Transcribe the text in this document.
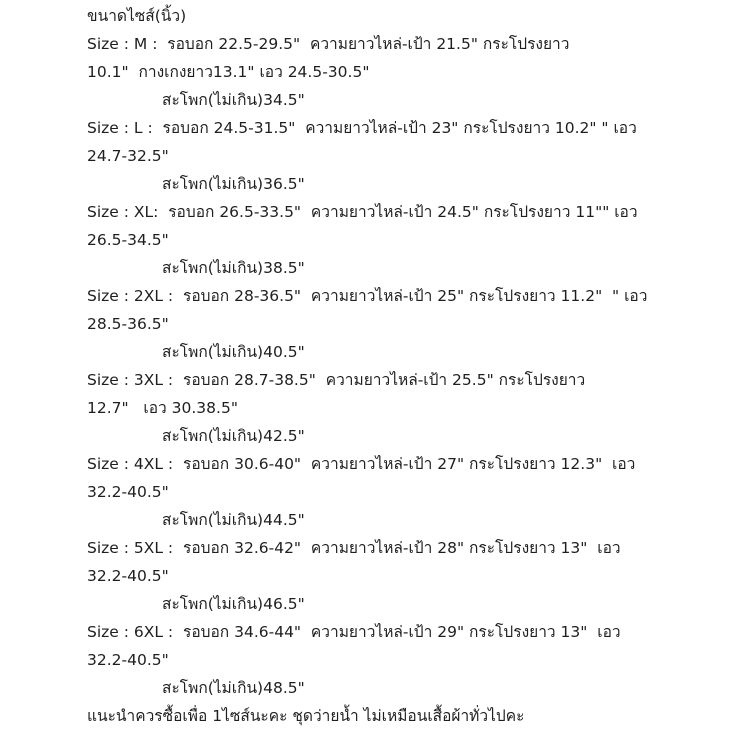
ขนาดไซส์(นิ้ว)
Size : M :  รอบอก 22.5-29.5"  ความยาวไหล่-เป้า 21.5" กระโปรงยาว
10.1"  กางเกงยาว13.1" เอว 24.5-30.5"
สะโพก(ไม่เกิน)34.5"
Size : L :  รอบอก 24.5-31.5"  ความยาวไหล่-เป้า 23" กระโปรงยาว 10.2" " เอว
24.7-32.5"
สะโพก(ไม่เกิน)36.5"
Size : XL:  รอบอก 26.5-33.5"  ความยาวไหล่-เป้า 24.5" กระโปรงยาว 11"" เอว
26.5-34.5"
สะโพก(ไม่เกิน)38.5"
Size : 2XL :  รอบอก 28-36.5"  ความยาวไหล่-เป้า 25" กระโปรงยาว 11.2"  " เอว
28.5-36.5"
สะโพก(ไม่เกิน)40.5"
Size : 3XL :  รอบอก 28.7-38.5"  ความยาวไหล่-เป้า 25.5" กระโปรงยาว
12.7"   เอว 30.38.5"
สะโพก(ไม่เกิน)42.5"
Size : 4XL :  รอบอก 30.6-40"  ความยาวไหล่-เป้า 27" กระโปรงยาว 12.3"  เอว
32.2-40.5"
สะโพก(ไม่เกิน)44.5"
Size : 5XL :  รอบอก 32.6-42"  ความยาวไหล่-เป้า 28" กระโปรงยาว 13"  เอว
32.2-40.5"
สะโพก(ไม่เกิน)46.5"
Size : 6XL :  รอบอก 34.6-44"  ความยาวไหล่-เป้า 29" กระโปรงยาว 13"  เอว
32.2-40.5"
สะโพก(ไม่เกิน)48.5"
แนะนำควรซื้อเพื่อ 1ไซส์นะคะ ชุดว่ายน้ำ ไม่เหมือนเสื้อผ้าทั่วไปคะ
